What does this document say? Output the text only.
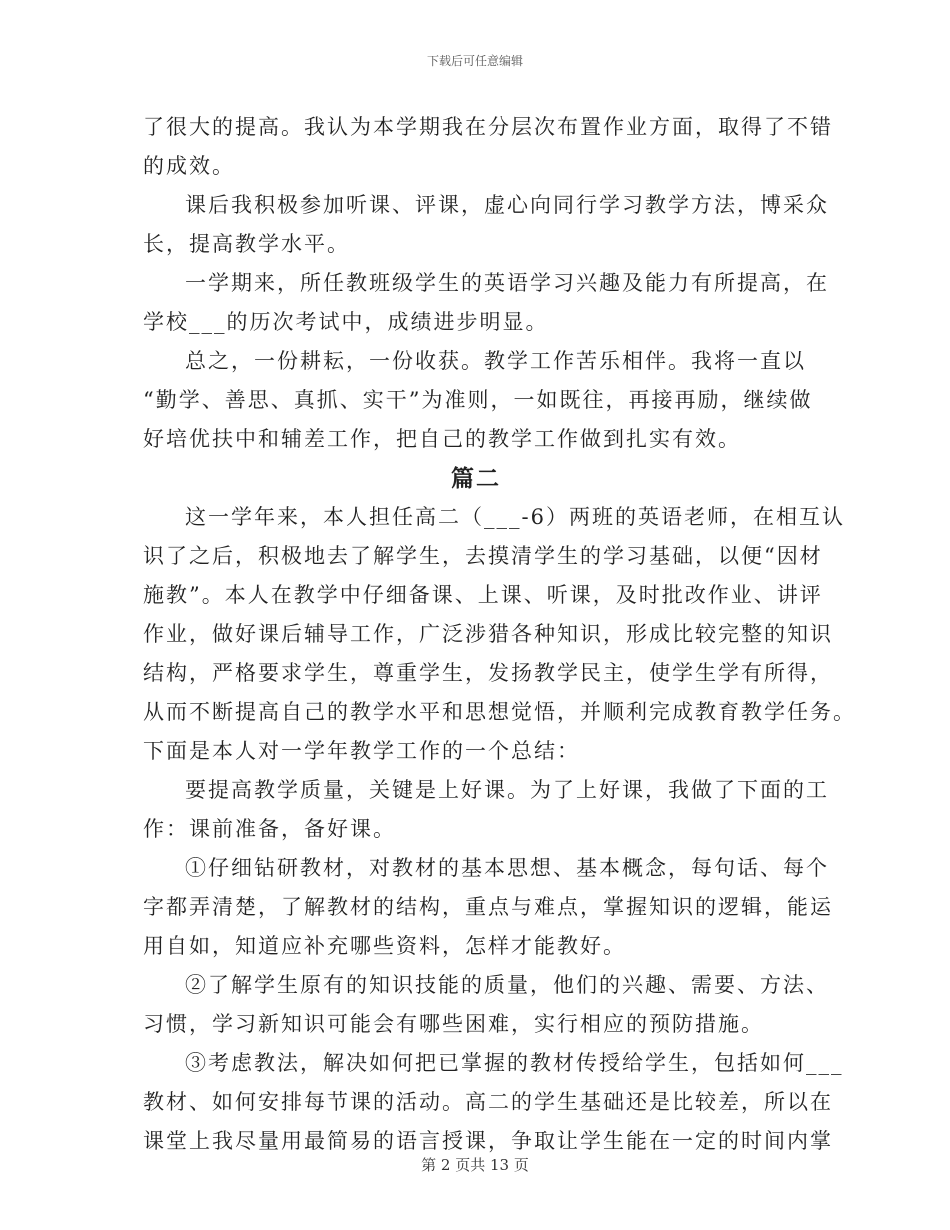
下载后可任意编辑
了很大的提高。我认为本学期我在分层次布置作业方面，取得了不错
的成效。
课后我积极参加听课、评课，虚心向同行学习教学方法，博采众
长，提高教学水平。
一学期来，所任教班级学生的英语学习兴趣及能力有所提高，在
学校___的历次考试中，成绩进步明显。
总之，一份耕耘，一份收获。教学工作苦乐相伴。我将一直以
“勤学、善思、真抓、实干”为准则，一如既往，再接再励，继续做
好培优扶中和辅差工作，把自己的教学工作做到扎实有效。
篇二
这一学年来，本人担任高二（___-6）两班的英语老师，在相互认
识了之后，积极地去了解学生，去摸清学生的学习基础，以便“因材
施教”。本人在教学中仔细备课、上课、听课，及时批改作业、讲评
作业，做好课后辅导工作，广泛涉猎各种知识，形成比较完整的知识
结构，严格要求学生，尊重学生，发扬教学民主，使学生学有所得，
从而不断提高自己的教学水平和思想觉悟，并顺利完成教育教学任务。
下面是本人对一学年教学工作的一个总结：
要提高教学质量，关键是上好课。为了上好课，我做了下面的工
作：课前准备，备好课。
①仔细钻研教材，对教材的基本思想、基本概念，每句话、每个
字都弄清楚，了解教材的结构，重点与难点，掌握知识的逻辑，能运
用自如，知道应补充哪些资料，怎样才能教好。
②了解学生原有的知识技能的质量，他们的兴趣、需要、方法、
习惯，学习新知识可能会有哪些困难，实行相应的预防措施。
③考虑教法，解决如何把已掌握的教材传授给学生，包括如何___
教材、如何安排每节课的活动。高二的学生基础还是比较差，所以在
课堂上我尽量用最简易的语言授课，争取让学生能在一定的时间内掌
第 2 页共 13 页
